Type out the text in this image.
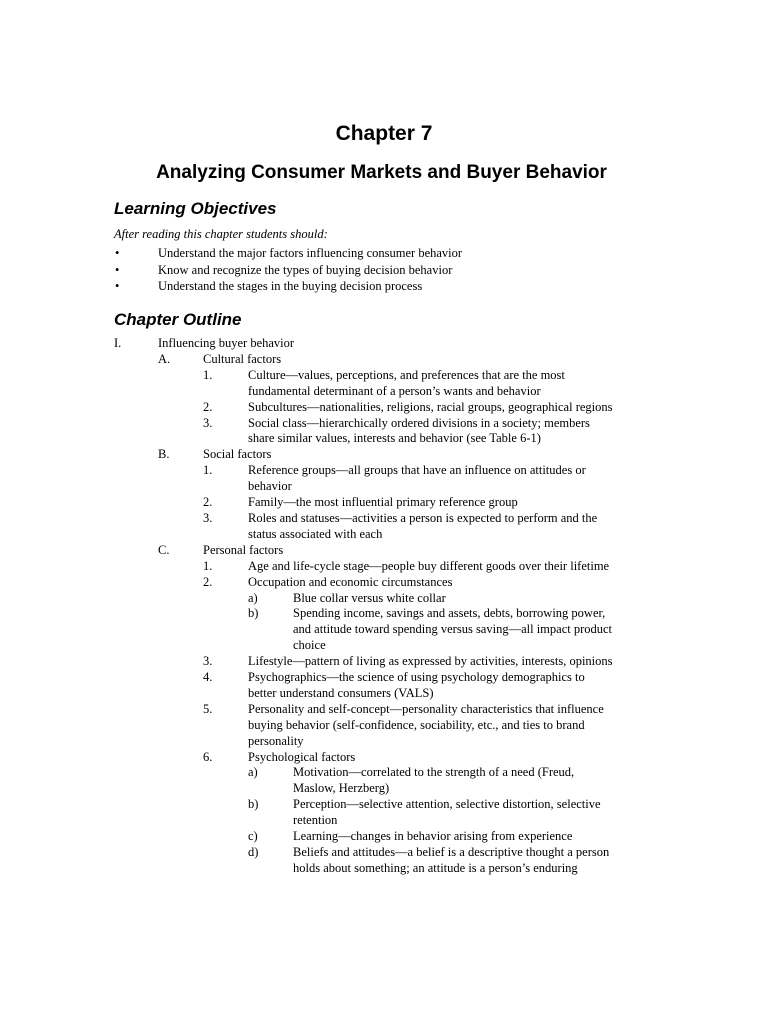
Chapter 7
Analyzing Consumer Markets and Buyer Behavior
Learning Objectives
After reading this chapter students should:
•	Understand the major factors influencing consumer behavior
•	Know and recognize the types of buying decision behavior
•	Understand the stages in the buying decision process
Chapter Outline
I.	Influencing buyer behavior
A.	Cultural factors
1.	Culture—values, perceptions, and preferences that are the most
fundamental determinant of a person’s wants and behavior
2.	Subcultures—nationalities, religions, racial groups, geographical regions
3.	Social class—hierarchically ordered divisions in a society; members
share similar values, interests and behavior (see Table 6-1)
B.	Social factors
1.	Reference groups—all groups that have an influence on attitudes or
behavior
2.	Family—the most influential primary reference group
3.	Roles and statuses—activities a person is expected to perform and the
status associated with each
C.	Personal factors
1.	Age and life-cycle stage—people buy different goods over their lifetime
2.	Occupation and economic circumstances
a)	Blue collar versus white collar
b)	Spending income, savings and assets, debts, borrowing power,
and attitude toward spending versus saving—all impact product
choice
3.	Lifestyle—pattern of living as expressed by activities, interests, opinions
4.	Psychographics—the science of using psychology demographics to
better understand consumers (VALS)
5.	Personality and self-concept—personality characteristics that influence
buying behavior (self-confidence, sociability, etc., and ties to brand
personality
6.	Psychological factors
a)	Motivation—correlated to the strength of a need (Freud,
Maslow, Herzberg)
b)	Perception—selective attention, selective distortion, selective
retention
c)	Learning—changes in behavior arising from experience
d)	Beliefs and attitudes—a belief is a descriptive thought a person
holds about something; an attitude is a person’s enduring
